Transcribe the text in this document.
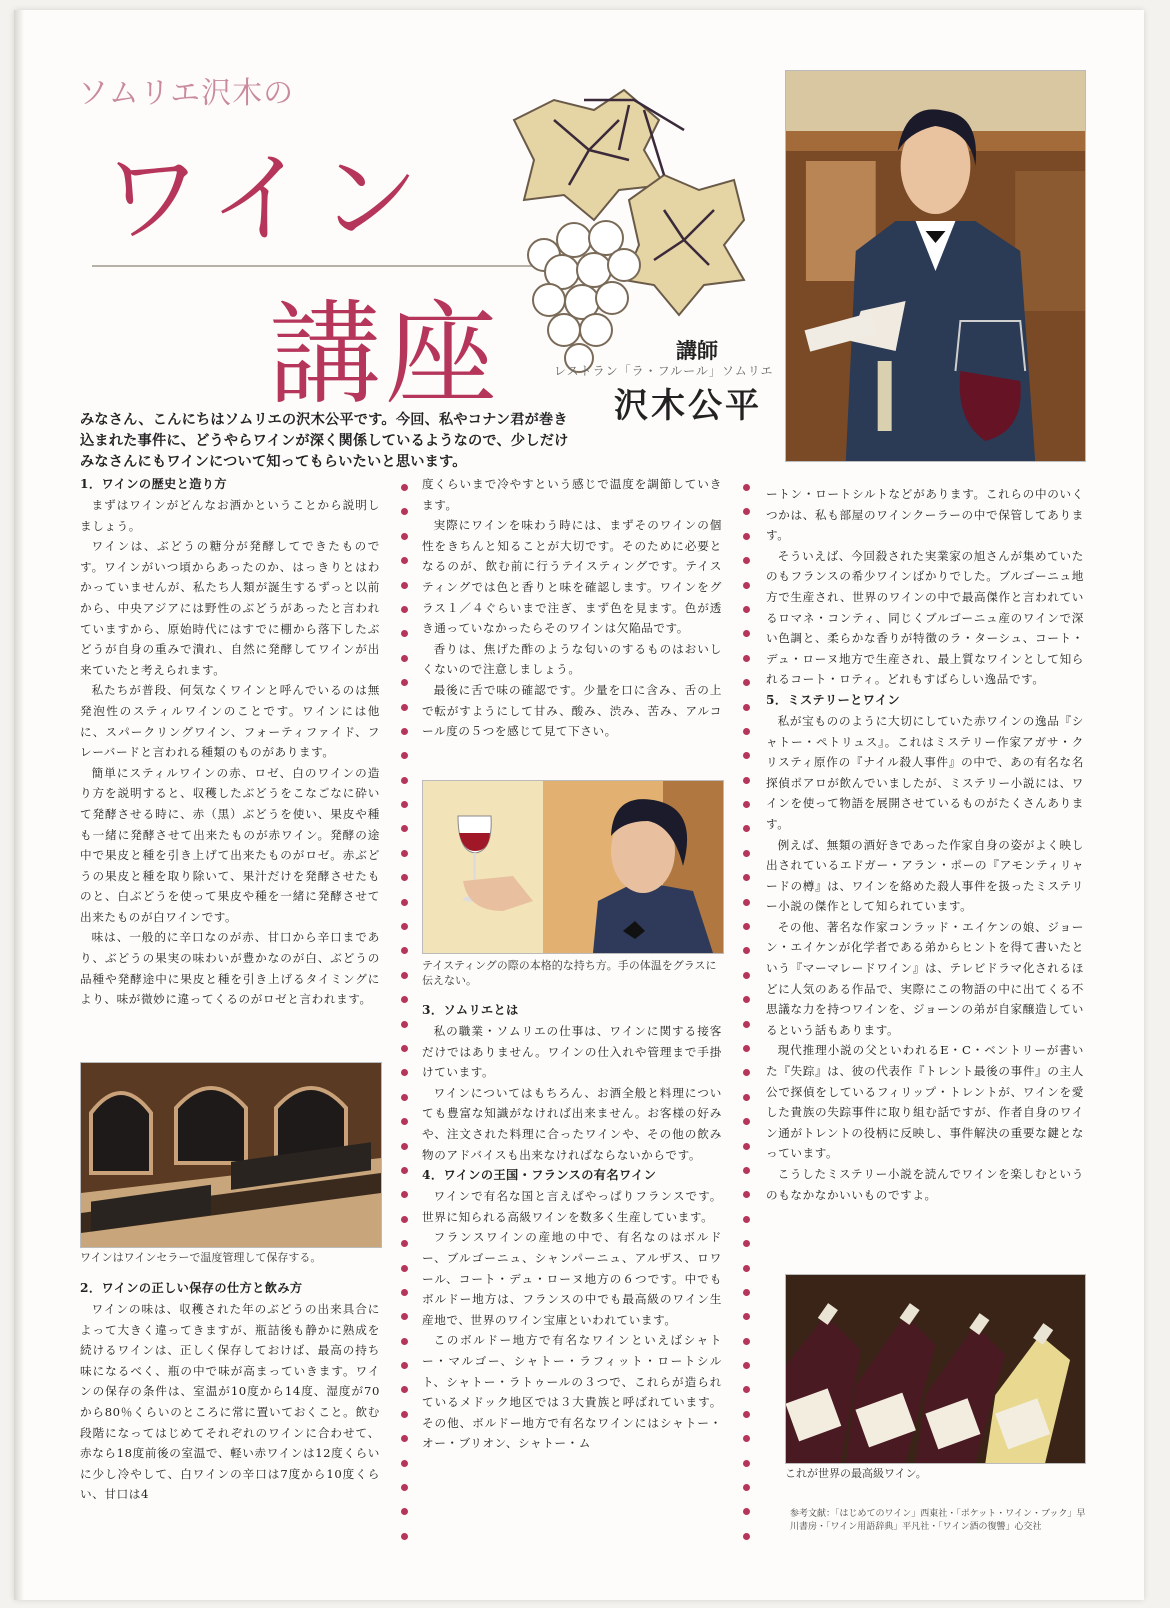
ソムリエ沢木の
ワイン
講座	講師
レストラン「ラ・フルール」ソムリエ
沢木公平
みなさん、こんにちはソムリエの沢木公平です。今回、私やコナン君が巻き込まれた事件に、どうやらワインが深く関係しているようなので、少しだけみなさんにもワインについて知ってもらいたいと思います。
1．ワインの歴史と造り方

まずはワインがどんなお酒かということから説明しましょう。

ワインは、ぶどうの糖分が発酵してできたものです。ワインがいつ頃からあったのか、はっきりとはわかっていませんが、私たち人類が誕生するずっと以前から、中央アジアには野性のぶどうがあったと言われていますから、原始時代にはすでに棚から落下したぶどうが自身の重みで潰れ、自然に発酵してワインが出来ていたと考えられます。

私たちが普段、何気なくワインと呼んでいるのは無発泡性のスティルワインのことです。ワインには他に、スパークリングワイン、フォーティファイド、フレーバードと言われる種類のものがあります。

簡単にスティルワインの赤、ロゼ、白のワインの造り方を説明すると、収穫したぶどうをこなごなに砕いて発酵させる時に、赤（黒）ぶどうを使い、果皮や種も一緒に発酵させて出来たものが赤ワイン。発酵の途中で果皮と種を引き上げて出来たものがロゼ。赤ぶどうの果皮と種を取り除いて、果汁だけを発酵させたものと、白ぶどうを使って果皮や種を一緒に発酵させて出来たものが白ワインです。

味は、一般的に辛口なのが赤、甘口から辛口まであり、ぶどうの果実の味わいが豊かなのが白、ぶどうの品種や発酵途中に果皮と種を引き上げるタイミングにより、味が微妙に違ってくるのがロゼと言われます。

ワインはワインセラーで温度管理して保存する。
2．ワインの正しい保存の仕方と飲み方

ワインの味は、収穫された年のぶどうの出来具合によって大きく違ってきますが、瓶詰後も静かに熟成を続けるワインは、正しく保存しておけば、最高の持ち味になるべく、瓶の中で味が高まっていきます。ワインの保存の条件は、室温が10度から14度、湿度が70から80％くらいのところに常に置いておくこと。飲む段階になってはじめてそれぞれのワインに合わせて、赤なら18度前後の室温で、軽い赤ワインは12度くらいに少し冷やして、白ワインの辛口は7度から10度くらい、甘口は4

度くらいまで冷やすという感じで温度を調節していきます。

実際にワインを味わう時には、まずそのワインの個性をきちんと知ることが大切です。そのために必要となるのが、飲む前に行うテイスティングです。テイスティングでは色と香りと味を確認します。ワインをグラス１／４ぐらいまで注ぎ、まず色を見ます。色が透き通っていなかったらそのワインは欠陥品です。

香りは、焦げた酢のような匂いのするものはおいしくないので注意しましょう。

最後に舌で味の確認です。少量を口に含み、舌の上で転がすようにして甘み、酸み、渋み、苦み、アルコール度の５つを感じて見て下さい。

テイスティングの際の本格的な持ち方。手の体温をグラスに伝えない。
3．ソムリエとは

私の職業・ソムリエの仕事は、ワインに関する接客だけではありません。ワインの仕入れや管理まで手掛けています。

ワインについてはもちろん、お酒全般と料理についても豊富な知識がなければ出来ません。お客様の好みや、注文された料理に合ったワインや、その他の飲み物のアドバイスも出来なければならないからです。

4．ワインの王国・フランスの有名ワイン

ワインで有名な国と言えばやっぱりフランスです。世界に知られる高級ワインを数多く生産しています。

フランスワインの産地の中で、有名なのはボルドー、ブルゴーニュ、シャンパーニュ、アルザス、ロワール、コート・デュ・ローヌ地方の６つです。中でもボルドー地方は、フランスの中でも最高級のワイン生産地で、世界のワイン宝庫といわれています。

このボルドー地方で有名なワインといえばシャトー・マルゴー、シャトー・ラフィット・ロートシルト、シャトー・ラトゥールの３つで、これらが造られているメドック地区では３大貴族と呼ばれています。その他、ボルドー地方で有名なワインにはシャトー・オー・ブリオン、シャトー・ム

ートン・ロートシルトなどがあります。これらの中のいくつかは、私も部屋のワインクーラーの中で保管してあります。

そういえば、今回殺された実業家の旭さんが集めていたのもフランスの希少ワインばかりでした。ブルゴーニュ地方で生産され、世界のワインの中で最高傑作と言われているロマネ・コンティ、同じくブルゴーニュ産のワインで深い色調と、柔らかな香りが特徴のラ・ターシュ、コート・デュ・ローヌ地方で生産され、最上質なワインとして知られるコート・ロティ。どれもすばらしい逸品です。

5．ミステリーとワイン

私が宝もののように大切にしていた赤ワインの逸品『シャトー・ペトリュス』。これはミステリー作家アガサ・クリスティ原作の『ナイル殺人事件』の中で、あの有名な名探偵ポアロが飲んでいましたが、ミステリー小説には、ワインを使って物語を展開させているものがたくさんあります。

例えば、無類の酒好きであった作家自身の姿がよく映し出されているエドガー・アラン・ポーの『アモンティリャードの樽』は、ワインを絡めた殺人事件を扱ったミステリー小説の傑作として知られています。

その他、著名な作家コンラッド・エイケンの娘、ジョーン・エイケンが化学者である弟からヒントを得て書いたという『マーマレードワイン』は、テレビドラマ化されるほどに人気のある作品で、実際にこの物語の中に出てくる不思議な力を持つワインを、ジョーンの弟が自家醸造しているという話もあります。

現代推理小説の父といわれるE・C・ベントリーが書いた『失踪』は、彼の代表作『トレント最後の事件』の主人公で探偵をしているフィリップ・トレントが、ワインを愛した貴族の失踪事件に取り組む話ですが、作者自身のワイン通がトレントの役柄に反映し、事件解決の重要な鍵となっています。

こうしたミステリー小説を読んでワインを楽しむというのもなかなかいいものですよ。

これが世界の最高級ワイン。
参考文献：「はじめてのワイン」西東社・「ポケット・ワイン・ブック」早川書房・「ワイン用語辞典」平凡社・「ワイン酒の復讐」心交社
